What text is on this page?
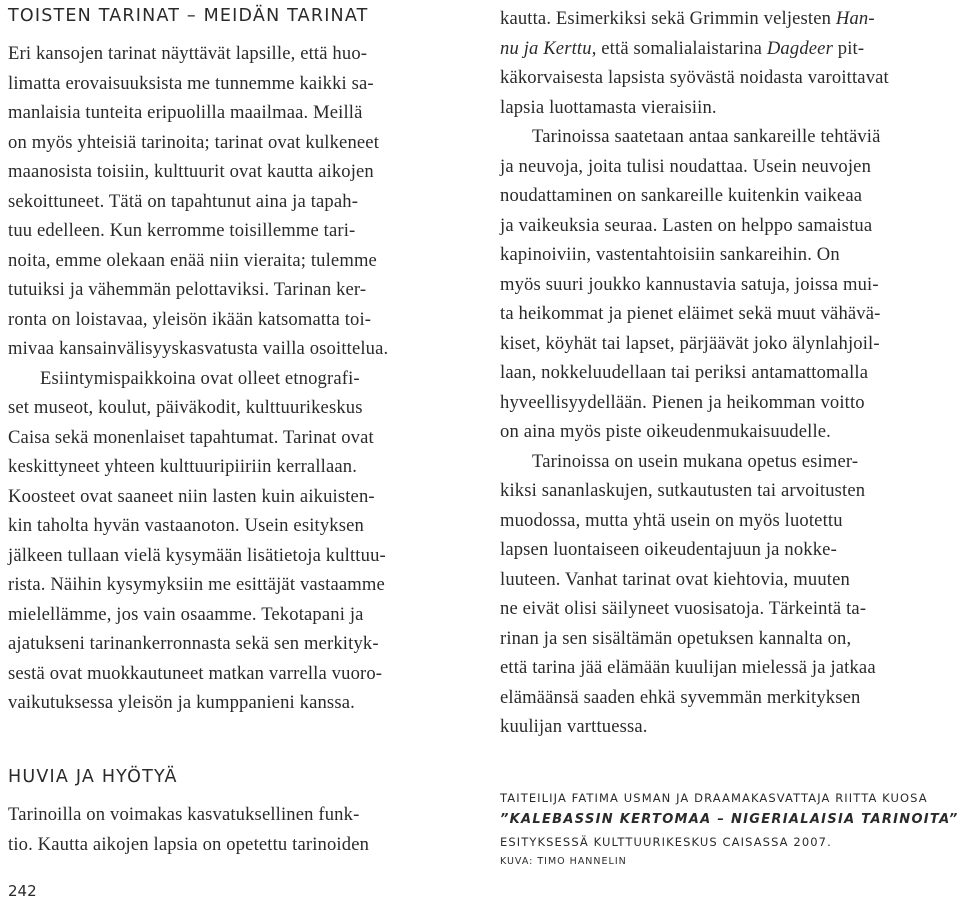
TOISTEN TARINAT – MEIDÄN TARINAT
Eri kansojen tarinat näyttävät lapsille, että huo-
limatta erovaisuuksista me tunnemme kaikki sa-
manlaisia tunteita eripuolilla maailmaa. Meillä
on myös yhteisiä tarinoita; tarinat ovat kulkeneet
maanosista toisiin, kulttuurit ovat kautta aikojen
sekoittuneet. Tätä on tapahtunut aina ja tapah-
tuu edelleen. Kun kerromme toisillemme tari-
noita, emme olekaan enää niin vieraita; tulemme
tutuiksi ja vähemmän pelottaviksi. Tarinan ker-
ronta on loistavaa, yleisön ikään katsomatta toi-
mivaa kansainvälisyyskasvatusta vailla osoittelua.
Esiintymispaikkoina ovat olleet etnografi-
set museot, koulut, päiväkodit, kulttuurikeskus
Caisa sekä monenlaiset tapahtumat. Tarinat ovat
keskittyneet yhteen kulttuuripiiriin kerrallaan.
Koosteet ovat saaneet niin lasten kuin aikuisten-
kin taholta hyvän vastaanoton. Usein esityksen
jälkeen tullaan vielä kysymään lisätietoja kulttuu-
rista. Näihin kysymyksiin me esittäjät vastaamme
mielellämme, jos vain osaamme. Tekotapani ja
ajatukseni tarinankerronnasta sekä sen merkityk-
sestä ovat muokkautuneet matkan varrella vuoro-
vaikutuksessa yleisön ja kumppanieni kanssa.
HUVIA JA HYÖTYÄ
Tarinoilla on voimakas kasvatuksellinen funk-
tio. Kautta aikojen lapsia on opetettu tarinoiden

242

kautta. Esimerkiksi sekä Grimmin veljesten Han-
nu ja Kerttu, että somalialaistarina Dagdeer pit-
käkorvaisesta lapsista syövästä noidasta varoittavat
lapsia luottamasta vieraisiin.
Tarinoissa saatetaan antaa sankareille tehtäviä
ja neuvoja, joita tulisi noudattaa. Usein neuvojen
noudattaminen on sankareille kuitenkin vaikeaa
ja vaikeuksia seuraa. Lasten on helppo samaistua
kapinoiviin, vastentahtoisiin sankareihin. On
myös suuri joukko kannustavia satuja, joissa mui-
ta heikommat ja pienet eläimet sekä muut vähävä-
kiset, köyhät tai lapset, pärjäävät joko älynlahjoil-
laan, nokkeluudellaan tai periksi antamattomalla
hyveellisyydellään. Pienen ja heikomman voitto
on aina myös piste oikeudenmukaisuudelle.
Tarinoissa on usein mukana opetus esimer-
kiksi sananlaskujen, sutkautusten tai arvoitusten
muodossa, mutta yhtä usein on myös luotettu
lapsen luontaiseen oikeudentajuun ja nokke-
luuteen. Vanhat tarinat ovat kiehtovia, muuten
ne eivät olisi säilyneet vuosisatoja. Tärkeintä ta-
rinan ja sen sisältämän opetuksen kannalta on,
että tarina jää elämään kuulijan mielessä ja jatkaa
elämäänsä saaden ehkä syvemmän merkityksen
kuulijan varttuessa.
TAITEILIJA FATIMA USMAN JA DRAAMAKASVATTAJA RIITTA KUOSA
”KALEBASSIN KERTOMAA – NIGERIALAISIA TARINOITA”
ESITYKSESSÄ KULTTUURIKESKUS CAISASSA 2007.
KUVA: TIMO HANNELIN
